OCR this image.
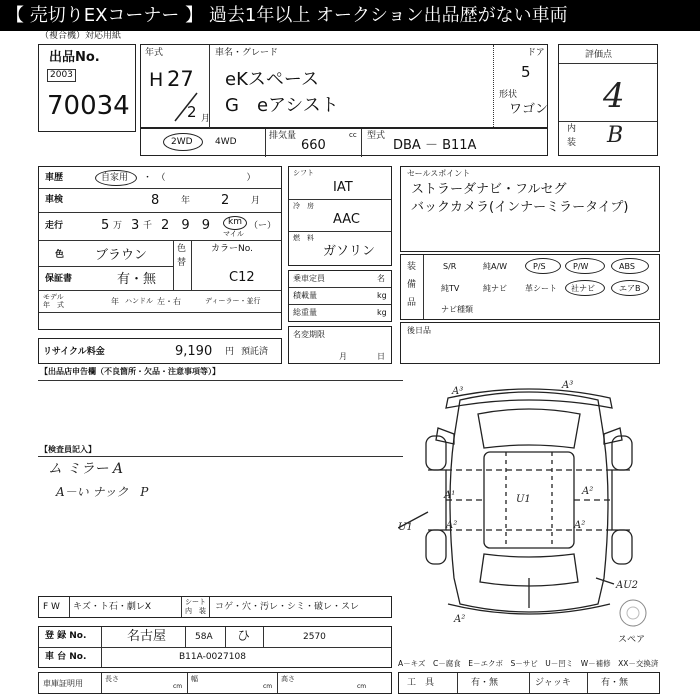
【 売切りEXコーナー 】 過去1年以上 オークション出品歴がない車両
（複合機）対応用紙
出品No.
2003
70034
年式
H 27
2 月
車名・グレード
eKスペース
G　eアシスト
ドア
5
形状
ワゴン
評価点
4
内
装 B
2WD 4WD
排気量
660
cc 型式
DBA － B11A
車歴	自家用 ・　（　　　　　　　　　）
車検	8 年 2 月
走行	5 万 3 千 2 9 9 km
マイル
（ー）
色 ブラウン	色
替
カラーNo.
C12
保証書	有・無
モデル
年　式	年 ハンドル 左・右	ディーラー・並行
リサイクル料金	9,190 円 預託済
シフト
IAT
冷　房
AAC
燃　料
ガソリン
乗車定員	名
積載量	kg
総重量	kg
名変期限
月	日
セールスポイント
ストラーダナビ・フルセグ
バックカメラ(インナーミラータイプ)
装
備
品
S/R	純A/W	P/S	P/W	ABS
純TV	純ナビ 革シート 社ナビ	エアB
ナビ種類
後日品
【出品店申告欄（不良箇所・欠品・注意事項等）】
【検査員記入】
ム ミラー A
A－い ナック　P
A³
A³
A¹	U1
A²
A²
A²
U1
AU2
A²
スペア
F W キズ・ト石・劇レX	シート
内　装 コゲ・穴・汚レ・シミ・破レ・スレ
登 録 No.	名古屋	58A ひ	2570
車 台 No.	B11A-0027108
車庫証明用	長さ
cm
幅
cm
高さ
cm
A－キズ　C－腐食　E－エクボ　S－サビ　U－凹ミ　W－補修　XX－交換済
工　具	有・無	ジャッキ	有・無
